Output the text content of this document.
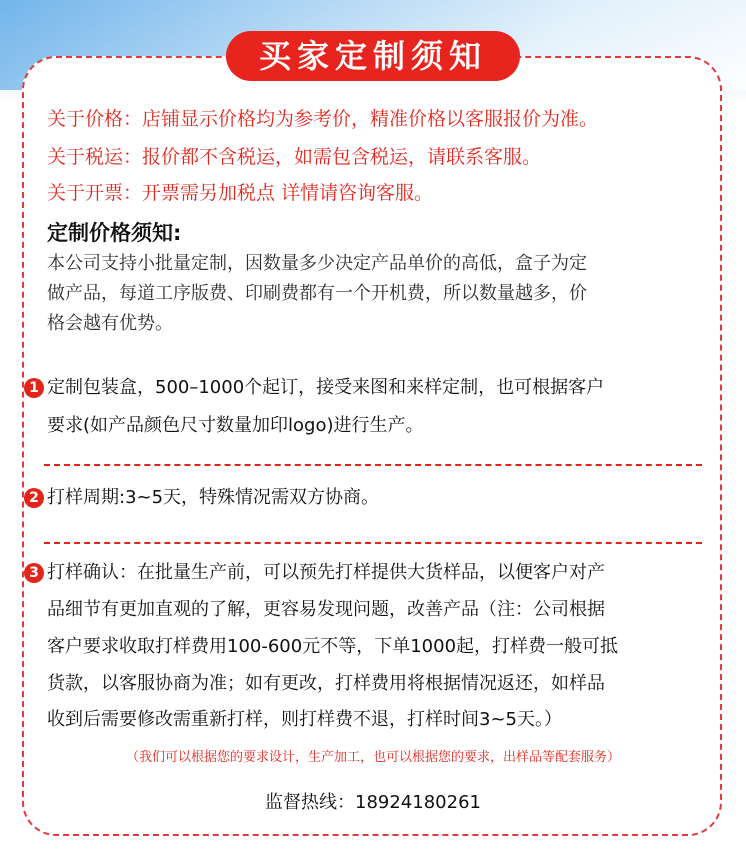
买家定制须知
关于价格：店铺显示价格均为参考价，精准价格以客服报价为准。
关于税运：报价都不含税运，如需包含税运，请联系客服。
关于开票：开票需另加税点 详情请咨询客服。
定制价格须知:
本公司支持小批量定制，因数量多少决定产品单价的高低，盒子为定
做产品，每道工序版费、印刷费都有一个开机费，所以数量越多，价
格会越有优势。
1 定制包装盒，500–1000个起订，接受来图和来样定制，也可根据客户
要求(如产品颜色尺寸数量加印logo)进行生产。
2 打样周期:3~5天，特殊情况需双方协商。
3 打样确认：在批量生产前，可以预先打样提供大货样品，以便客户对产
品细节有更加直观的了解，更容易发现问题，改善产品（注：公司根据
客户要求收取打样费用100-600元不等，下单1000起，打样费一般可抵
货款，以客服协商为准；如有更改，打样费用将根据情况返还，如样品
收到后需要修改需重新打样，则打样费不退，打样时间3~5天。）
（我们可以根据您的要求设计，生产加工，也可以根据您的要求，出样品等配套服务）
监督热线：18924180261
